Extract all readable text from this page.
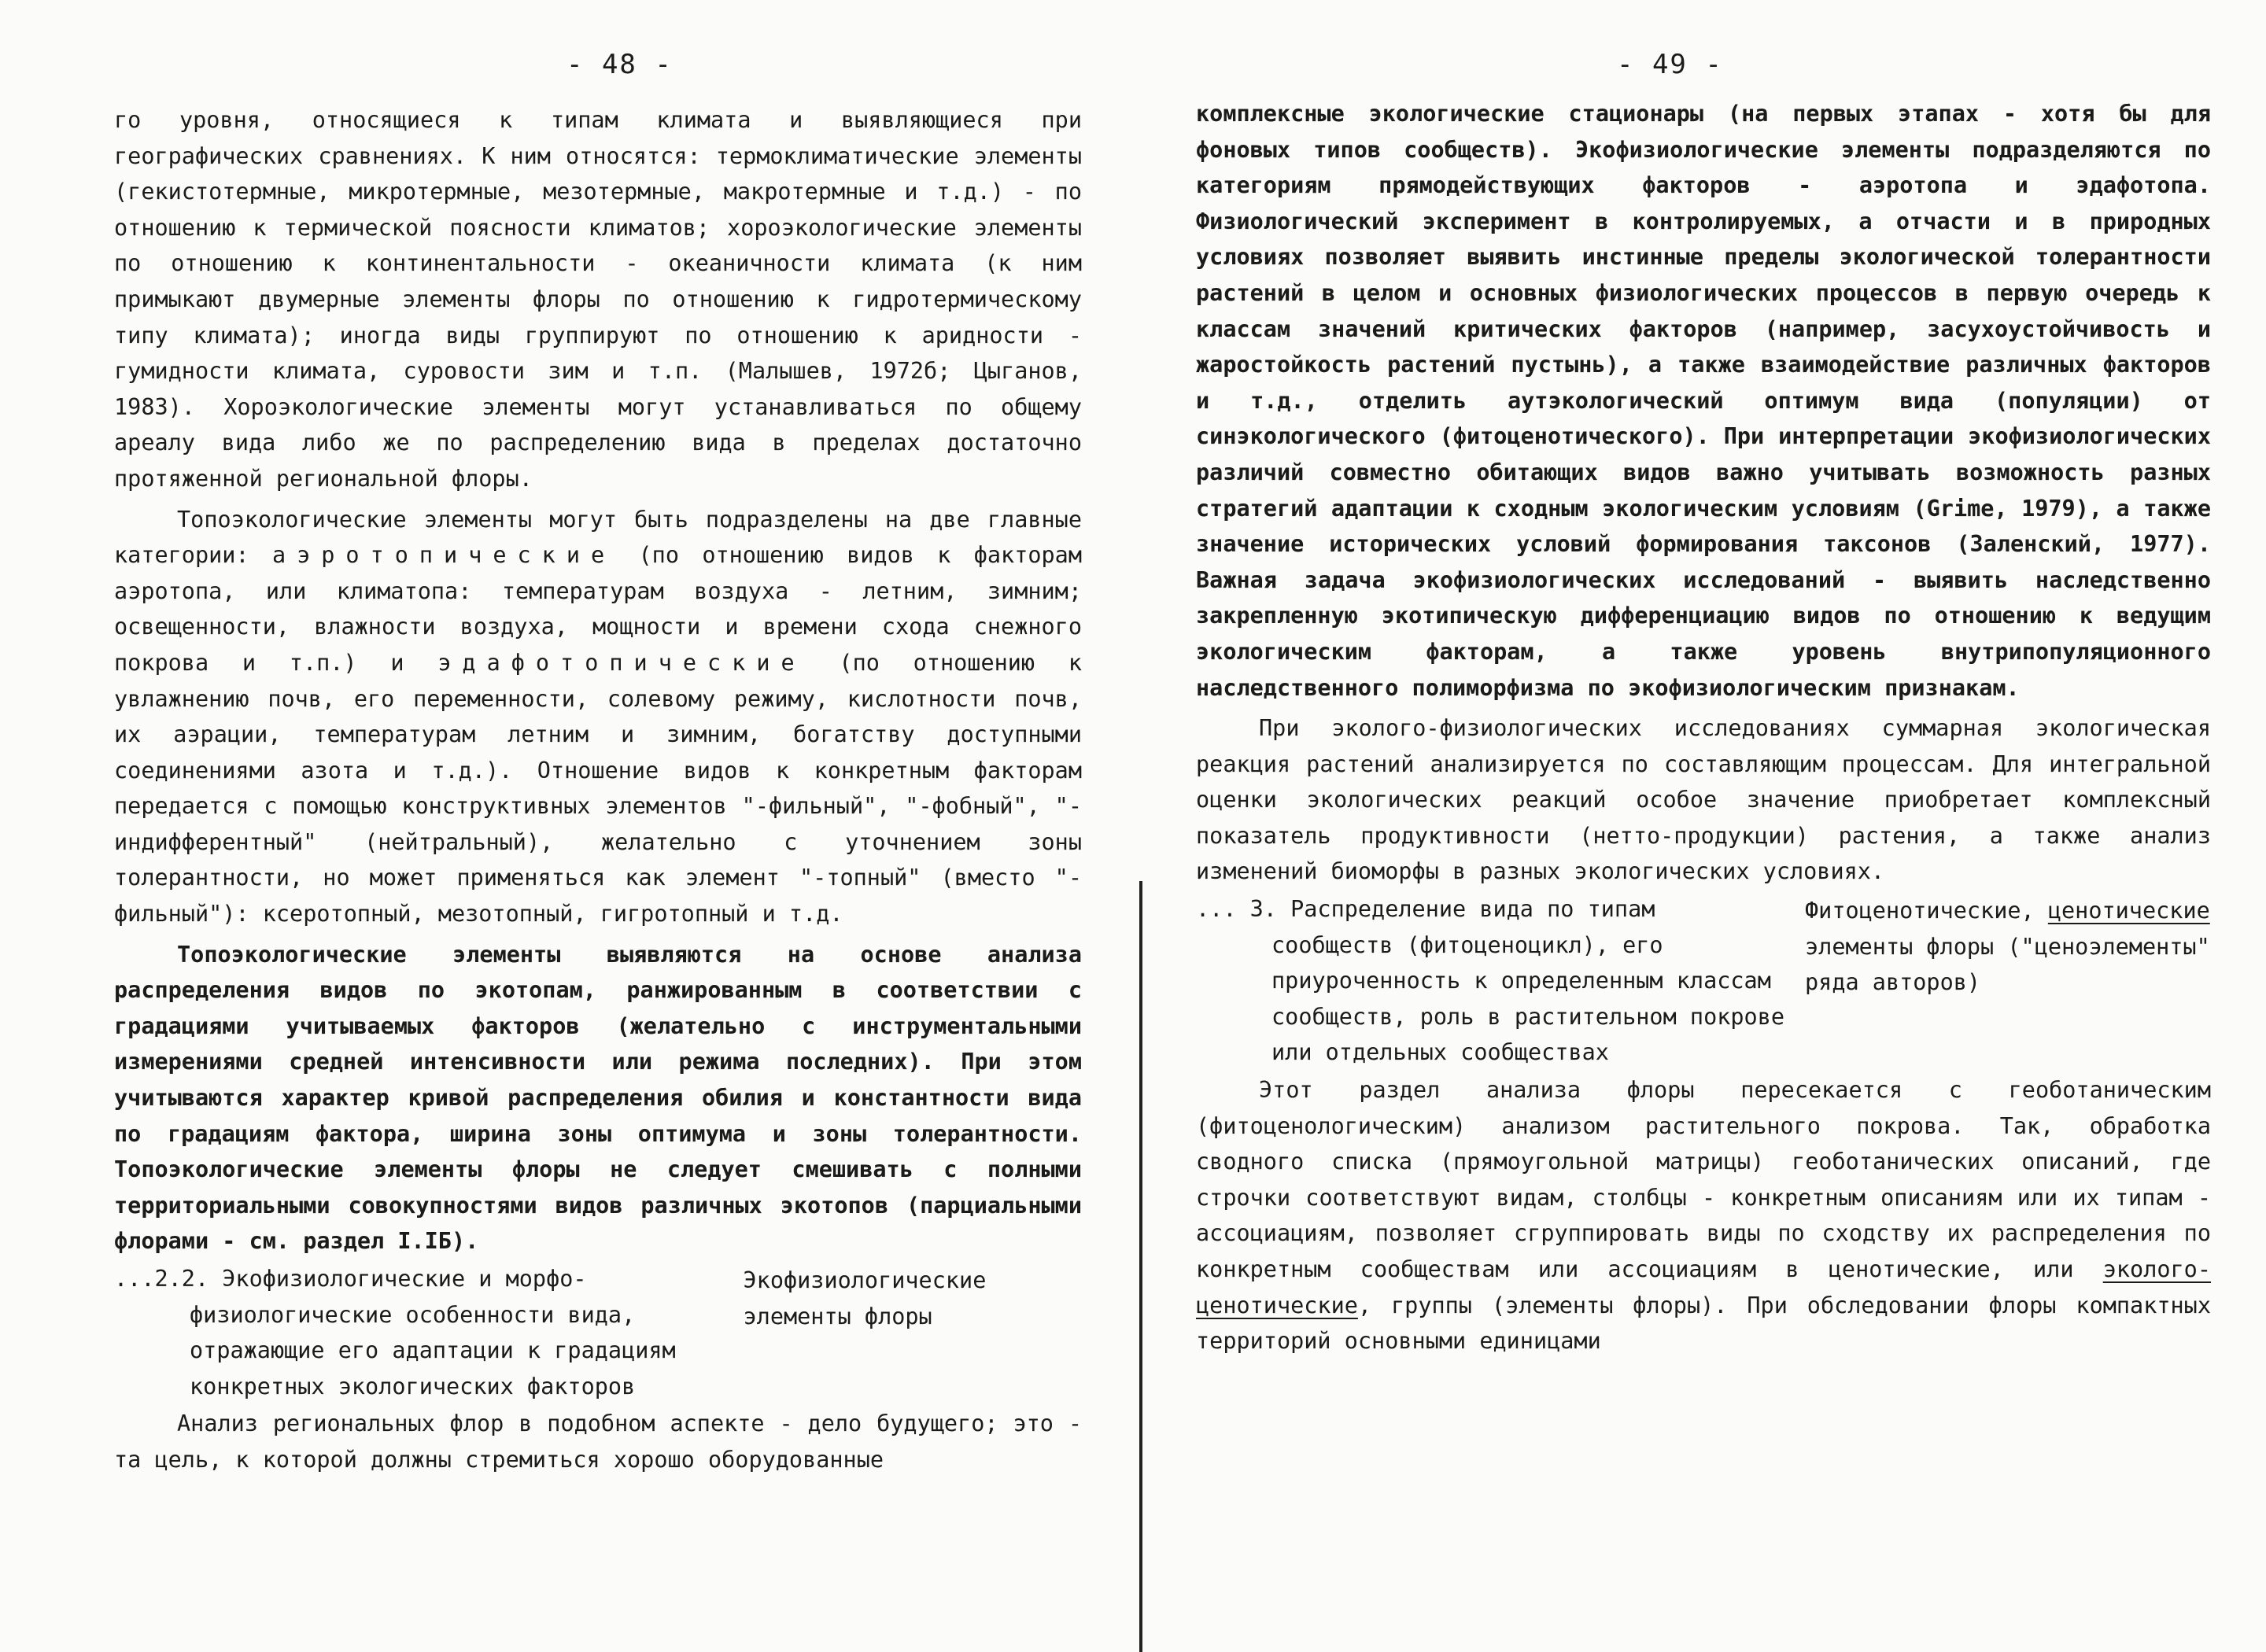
- 48 -

го уровня, относящиеся к типам климата и выявляющиеся при географических сравнениях. К ним относятся: термоклиматические элементы (гекистотермные, микротермные, мезотермные, макротермные и т.д.) - по отношению к термической поясности климатов; хороэкологические элементы по отношению к континентальности - океаничности климата (к ним примыкают двумерные элементы флоры по отношению к гидротермическому типу климата); иногда виды группируют по отношению к аридности - гумидности климата, суровости зим и т.п. (Малышев, 1972б; Цыганов, 1983). Хороэкологические элементы могут устанавливаться по общему ареалу вида либо же по распределению вида в пределах достаточно протяженной региональной флоры.

Топоэкологические элементы могут быть подразделены на две главные категории: аэротопические (по отношению видов к факторам аэротопа, или климатопа: температурам воздуха - летним, зимним; освещенности, влажности воздуха, мощности и времени схода снежного покрова и т.п.) и эдафотопические (по отношению к увлажнению почв, его переменности, солевому режиму, кислотности почв, их аэрации, температурам летним и зимним, богатству доступными соединениями азота и т.д.). Отношение видов к конкретным факторам передается с помощью конструктивных элементов "-фильный", "-фобный", "-индифферентный" (нейтральный), желательно с уточнением зоны толерантности, но может применяться как элемент "-топный" (вместо "-фильный"): ксеротопный, мезотопный, гигротопный и т.д.

Топоэкологические элементы выявляются на основе анализа распределения видов по экотопам, ранжированным в соответствии с градациями учитываемых факторов (желательно с инструментальными измерениями средней интенсивности или режима последних). При этом учитываются характер кривой распределения обилия и константности вида по градациям фактора, ширина зоны оптимума и зоны толерантности. Топоэкологические элементы флоры не следует смешивать с полными территориальными совокупностями видов различных экотопов (парциальными флорами - см. раздел I.IБ).

...2.2. Экофизиологические и морфо-
физиологические особенности вида, отражающие его адаптации к градациям конкретных экологических факторов
Экофизиологические элементы флоры

Анализ региональных флор в подобном аспекте - дело будущего; это - та цель, к которой должны стремиться хорошо оборудованные

- 49 -

комплексные экологические стационары (на первых этапах - хотя бы для фоновых типов сообществ). Экофизиологические элементы подразделяются по категориям прямодействующих факторов - аэротопа и эдафотопа. Физиологический эксперимент в контролируемых, а отчасти и в природных условиях позволяет выявить инстинные пределы экологической толерантности растений в целом и основных физиологических процессов в первую очередь к классам значений критических факторов (например, засухоустойчивость и жаростойкость растений пустынь), а также взаимодействие различных факторов и т.д., отделить аутэкологический оптимум вида (популяции) от синэкологического (фитоценотического). При интерпретации экофизиологических различий совместно обитающих видов важно учитывать возможность разных стратегий адаптации к сходным экологическим условиям (Grime, 1979), а также значение исторических условий формирования таксонов (Заленский, 1977). Важная задача экофизиологических исследований - выявить наследственно закрепленную экотипическую дифференциацию видов по отношению к ведущим экологическим факторам, а также уровень внутрипопуляционного наследственного полиморфизма по экофизиологическим признакам.

При эколого-физиологических исследованиях суммарная экологическая реакция растений анализируется по составляющим процессам. Для интегральной оценки экологических реакций особое значение приобретает комплексный показатель продуктивности (нетто-продукции) растения, а также анализ изменений биоморфы в разных экологических условиях.

... 3. Распределение вида по типам
сообществ (фитоценоцикл), его приуроченность к определенным классам сообществ, роль в растительном покрове или отдельных сообществах
Фитоценотические, ценотические элементы флоры ("ценоэлементы" ряда авторов)

Этот раздел анализа флоры пересекается с геоботаническим (фитоценологическим) анализом растительного покрова. Так, обработка сводного списка (прямоугольной матрицы) геоботанических описаний, где строчки соответствуют видам, столбцы - конкретным описаниям или их типам - ассоциациям, позволяет сгруппировать виды по сходству их распределения по конкретным сообществам или ассоциациям в ценотические, или эколого-ценотические, группы (элементы флоры). При обследовании флоры компактных территорий основными единицами
